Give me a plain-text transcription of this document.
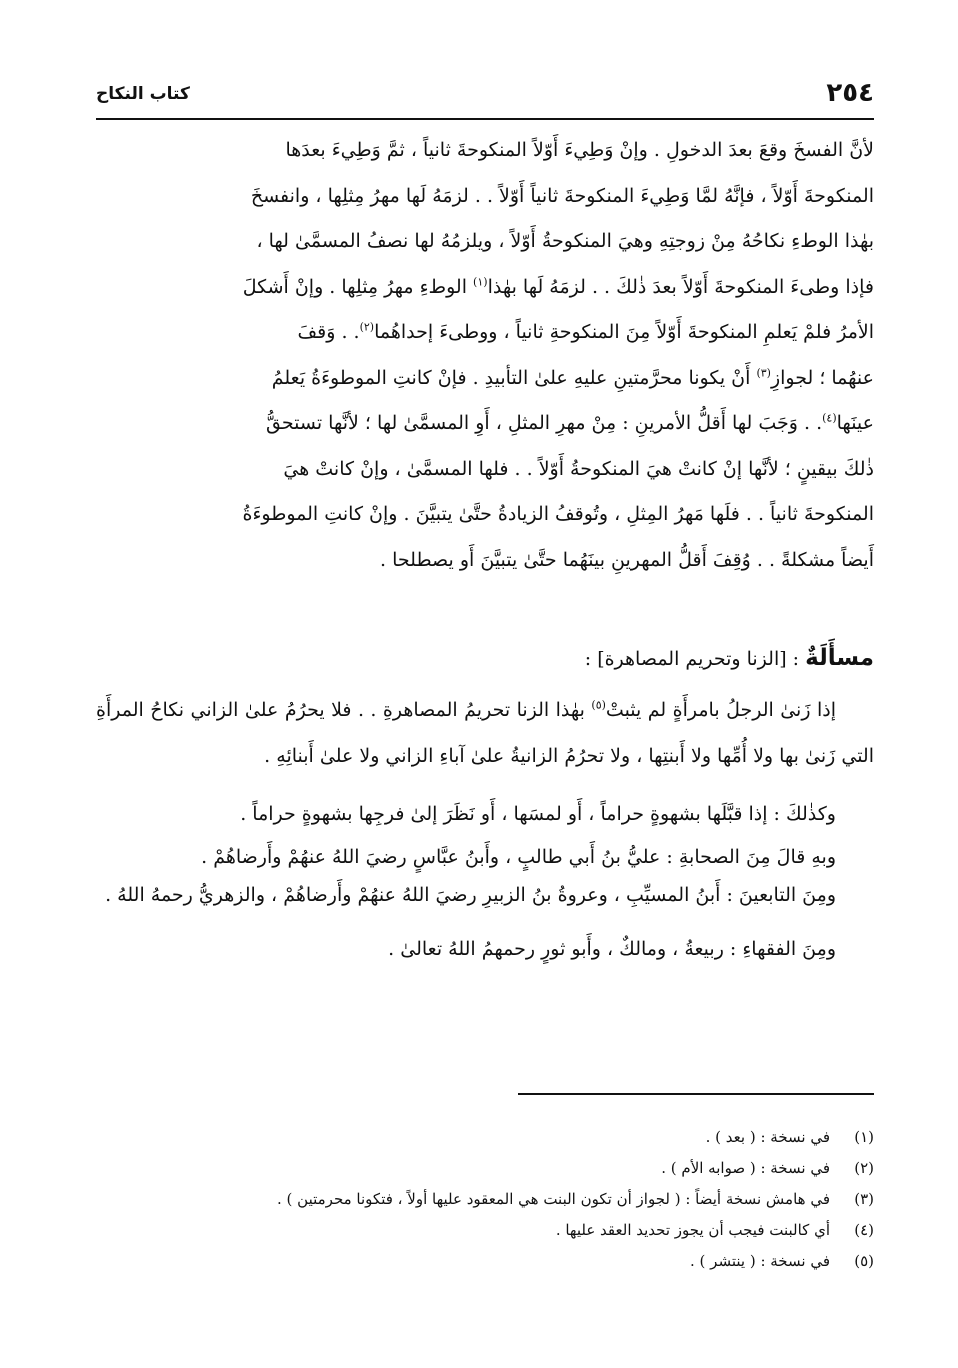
٢٥٤
كتاب النكاح

لأنَّ الفسخَ وقعَ بعدَ الدخولِ . وإنْ وَطِيءَ أَوّلاً المنكوحةَ ثانياً ، ثمَّ وَطِيءَ بعدَها

المنكوحةَ أَوّلاً ، فإنَّهُ لمَّا وَطِيءَ المنكوحةَ ثانياً أَوّلاً . . لزمَهُ لَها مهرُ مِثلِها ، وانفسخَ

بهٰذا الوطءِ نكاحُهُ مِنْ زوجتِهِ وهيَ المنكوحةُ أَوّلاً ، ويلزمُهُ لها نصفُ المسمَّىٰ لها ،

فإذا وطىءَ المنكوحةَ أَوّلاً بعدَ ذٰلكَ . . لزمَهُ لَها بهٰذا$^{(١)}$ الوطءِ مهرُ مِثلِها . وإنْ أَشكلَ

الأمرُ فلمْ يَعلمِ المنكوحةَ أَوّلاً مِنَ المنكوحةِ ثانياً ، ووطىءَ إحداهُما$^{(٢)}$. . وَقفَ

عنهُما ؛ لجوازِ$^{(٣)}$ أَنْ يكونا محرَّمتينِ عليهِ علىٰ التأبيدِ . فإنْ كانتِ الموطوءَةُ يَعلمُ

عينَها$^{(٤)}$. . وَجَبَ لها أَقلُّ الأمرينِ : مِنْ مهرِ المثلِ ، أَوِ المسمَّىٰ لها ؛ لأنَّها تستحقُّ

ذٰلكَ بيقينٍ ؛ لأنَّها إنْ كانتْ هيَ المنكوحةُ أَوّلاً . . فلها المسمَّىٰ ، وإنْ كانتْ هيَ

المنكوحةَ ثانياً . . فلَها مَهرُ المِثلِ ، وتُوقفُ الزيادةُ حتَّىٰ يتبيَّنَ . وإنْ كانتِ الموطوءَةُ

أَيضاً مشكلةً . . وُقِفَ أَقلُّ المهرينِ بينَهُما حتَّىٰ يتبيَّنَ أَو يصطلحا .

مسأَلَةٌ : [الزنا وتحريم المصاهرة] :

إذا زَنىٰ الرجلُ بامرأَةٍ لم يثبتْ$^{(٥)}$ بهٰذا الزنا تحريمُ المصاهرةِ . . فلا يحرُمُ علىٰ الزاني نكاحُ المرأَةِ التي زَنىٰ بها ولا أُمِّها ولا أَبنتِها ، ولا تحرُمُ الزانيةُ علىٰ آباءِ الزاني ولا علىٰ أَبنائِهِ .

وكذٰلكَ : إذا قبَّلَها بشهوةٍ حراماً ، أَو لمسَها ، أَو نَظَرَ إلىٰ فرجِها بشهوةٍ حراماً .

وبهِ قالَ مِنَ الصحابةِ : عليُّ بنُ أَبي طالبٍ ، وأَبنُ عبَّاسٍ رضيَ اللهُ عنهُمْ وأَرضاهُمْ .

ومِنَ التابعينَ : أَبنُ المسيِّبِ ، وعروةُ بنُ الزبيرِ رضيَ اللهُ عنهُمْ وأَرضاهُمْ ، والزهريُّ رحمهُ اللهُ .

ومِنَ الفقهاءِ : ربيعةُ ، ومالكٌ ، وأَبو ثورٍ رحمهمُ اللهُ تعالىٰ .

(١)في نسخة : ( بعد ) .
(٢)في نسخة : ( صوابه الأم ) .
(٣)في هامش نسخة أيضاً : ( لجواز أن تكون البنت هي المعقود عليها أولاً ، فتكونا محرمتين ) .
(٤)أي كالبنت فيجب أن يجوز تحديد العقد عليها .
(٥)في نسخة : ( ينتشر ) .
